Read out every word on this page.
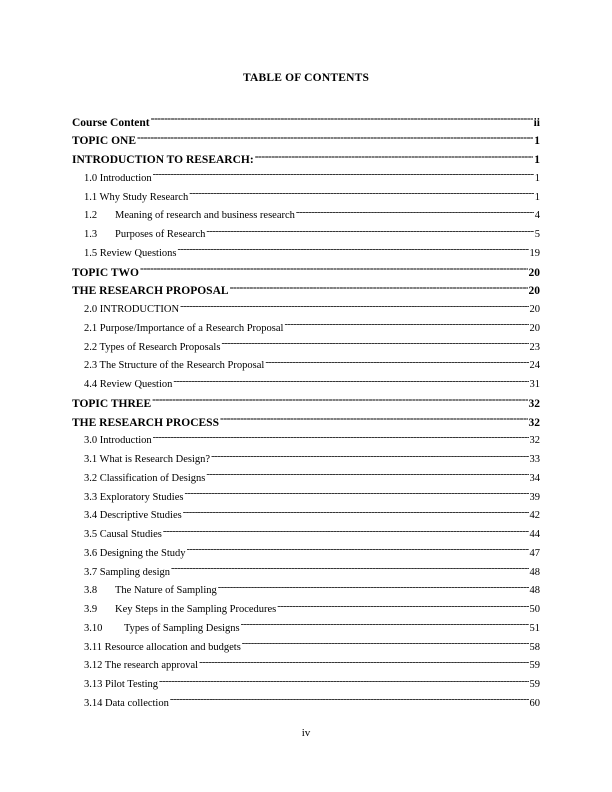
TABLE OF CONTENTS
Course Content -----	ii
TOPIC ONE -----	1
INTRODUCTION TO RESEARCH: -----	1
1.0 Introduction -----	1
1.1 Why Study Research -----	1
1.2 Meaning of research and business research -----	4
1.3 Purposes of Research -----	5
1.5 Review Questions -----	19
TOPIC TWO -----	20
THE RESEARCH PROPOSAL -----	20
2.0 INTRODUCTION -----	20
2.1 Purpose/Importance of a Research Proposal -----	20
2.2 Types of Research Proposals -----	23
2.3 The Structure of the Research Proposal -----	24
4.4 Review Question -----	31
TOPIC THREE -----	32
THE RESEARCH PROCESS -----	32
3.0 Introduction -----	32
3.1 What is Research Design? -----	33
3.2 Classification of Designs -----	34
3.3 Exploratory Studies -----	39
3.4 Descriptive Studies -----	42
3.5 Causal Studies -----	44
3.6 Designing the Study -----	47
3.7 Sampling design -----	48
3.8 The Nature of Sampling -----	48
3.9 Key Steps in the Sampling Procedures -----	50
3.10 Types of Sampling Designs -----	51
3.11 Resource allocation and budgets -----	58
3.12 The research approval -----	59
3.13 Pilot Testing -----	59
3.14 Data collection -----	60
iv
